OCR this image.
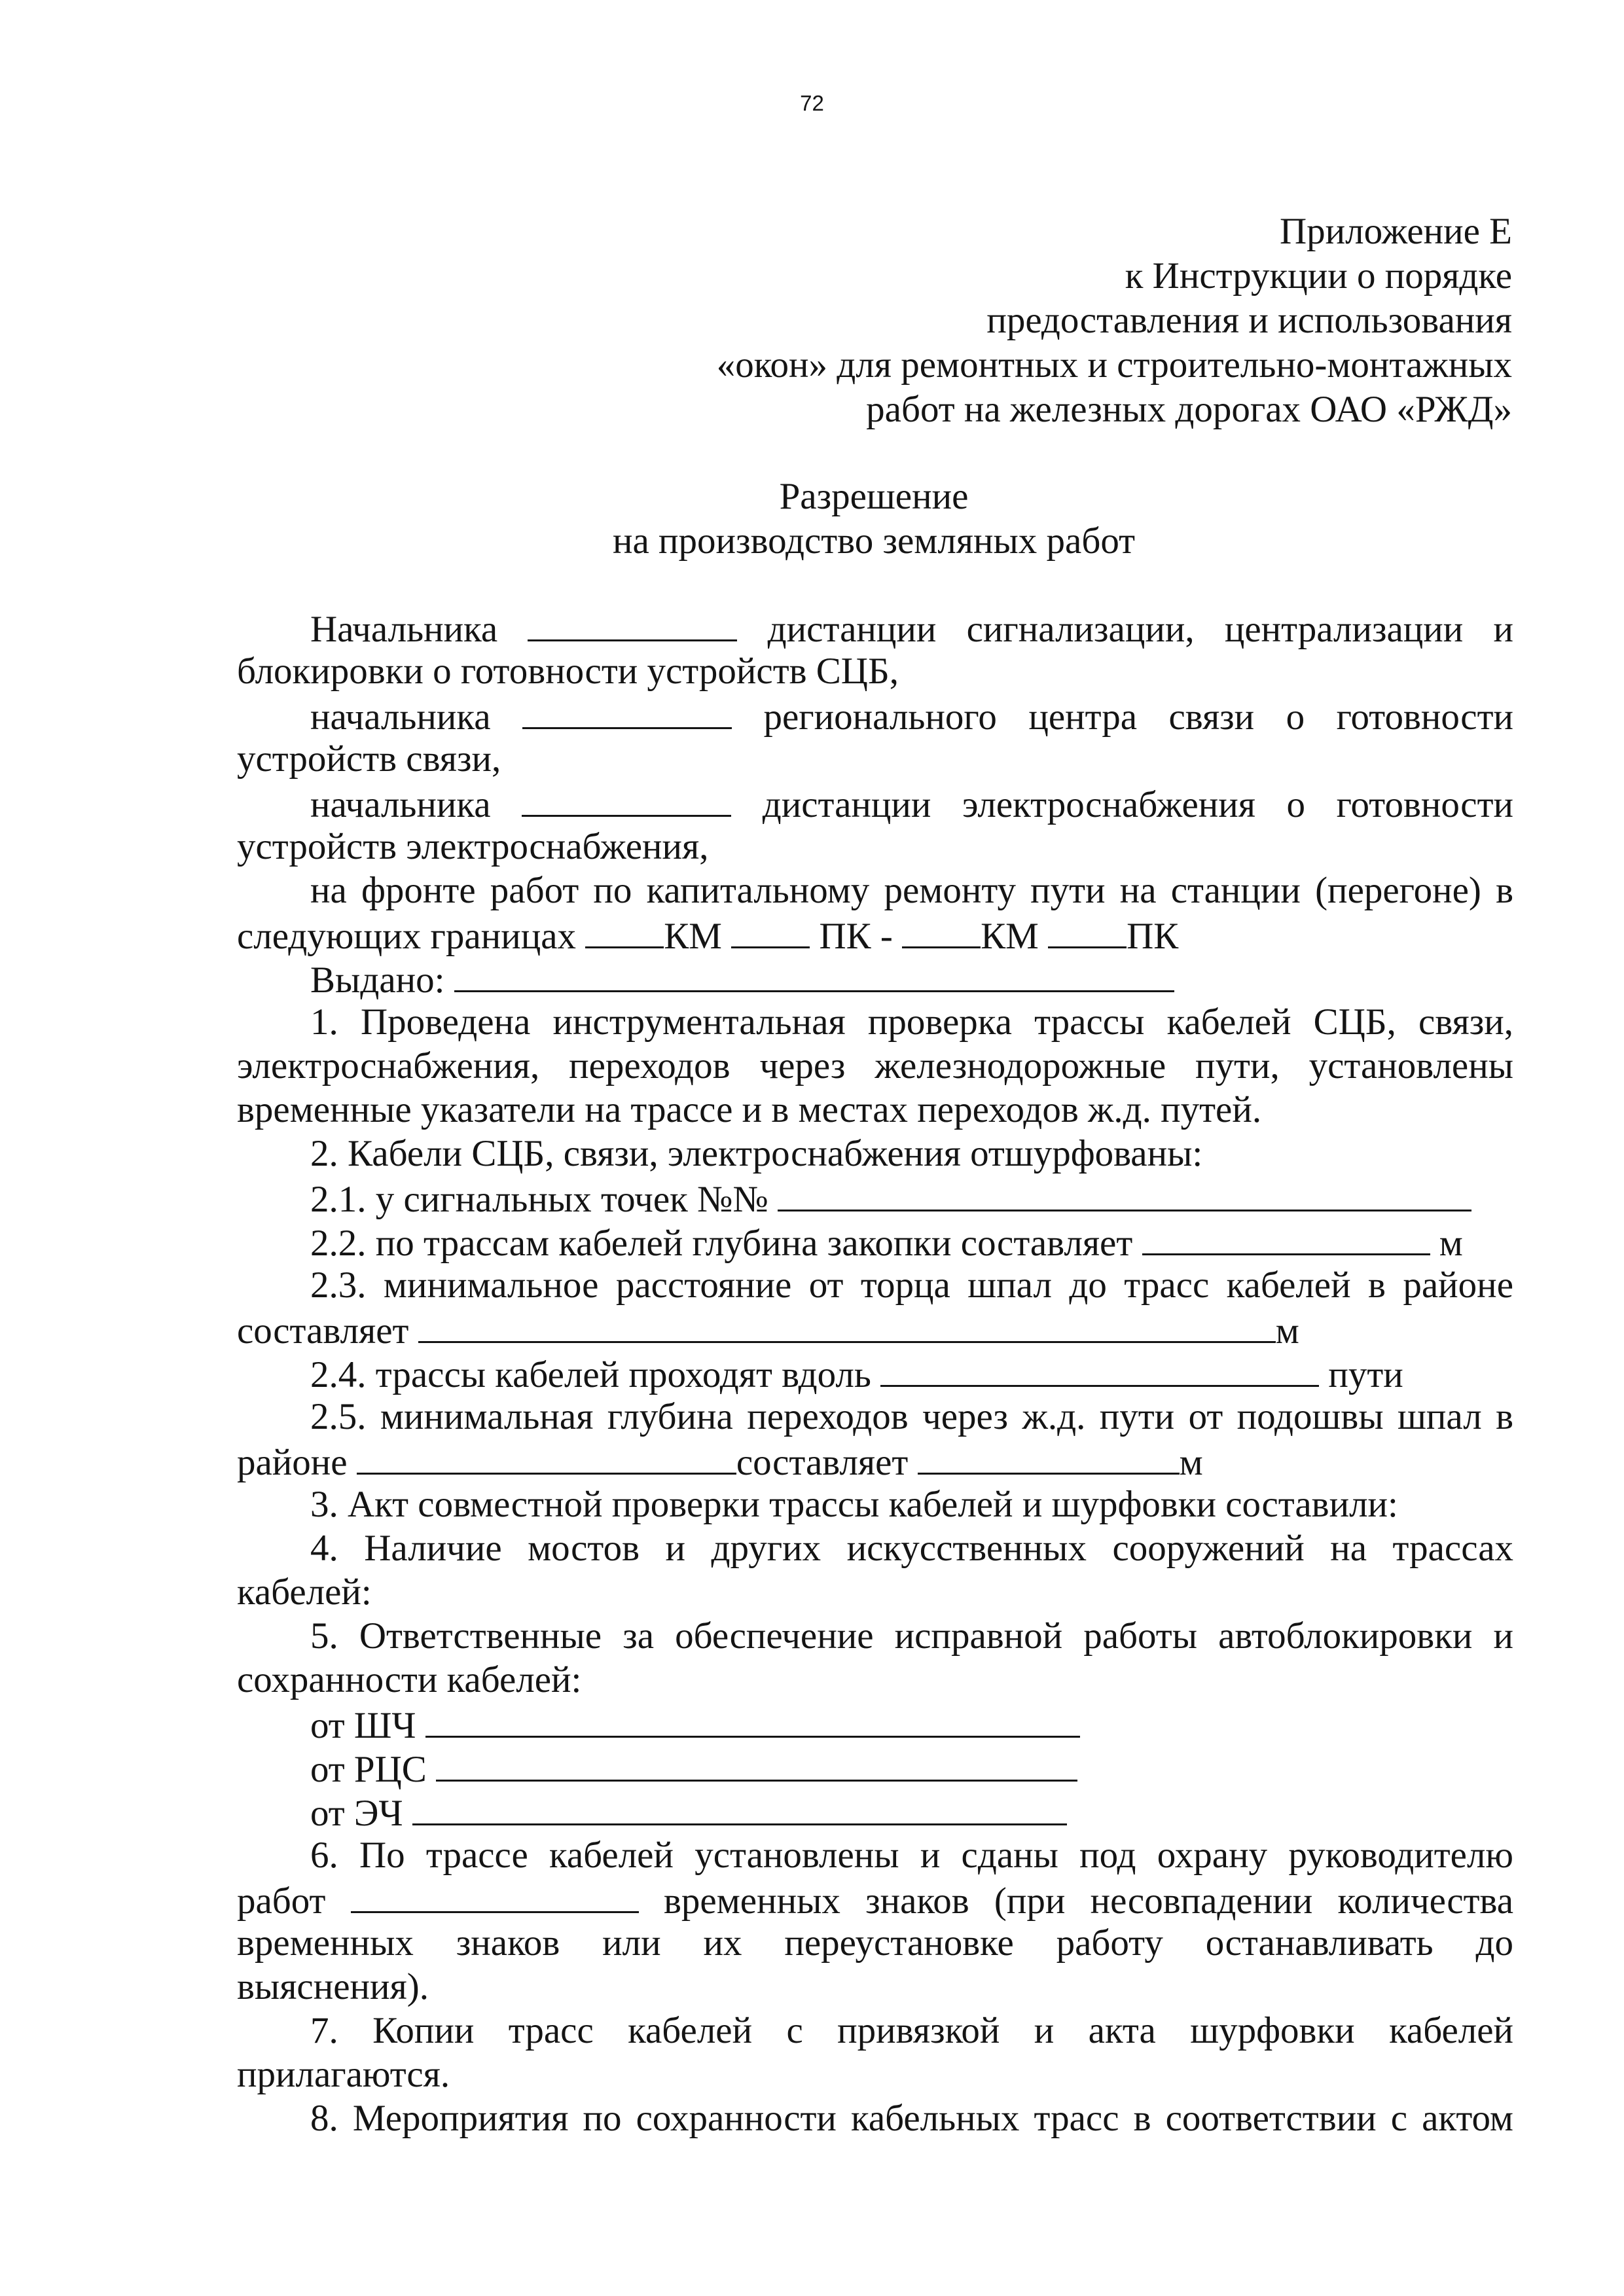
72
Приложение Е
к Инструкции о порядке
предоставления и использования
«окон» для ремонтных и строительно-монтажных
работ на железных дорогах ОАО «РЖД»
Разрешение
на производство земляных работ
Начальника	дистанции сигнализации, централизации и
блокировки о готовности устройств СЦБ,
начальника	регионального центра связи о готовности
устройств связи,
начальника	дистанции электроснабжения о готовности
устройств электроснабжения,
на фронте работ по капитальному ремонту пути на станции (перегоне) в
следующих границах КМ	ПК - КМ ПК
Выдано:
1. Проведена инструментальная проверка трассы кабелей СЦБ, связи,
электроснабжения, переходов через железнодорожные пути, установлены
временные указатели на трассе и в местах переходов ж.д. путей.
2. Кабели СЦБ, связи, электроснабжения отшурфованы:
2.1. у сигнальных точек №№
2.2. по трассам кабелей глубина закопки составляет	м
2.3. минимальное расстояние от торца шпал до трасс кабелей в районе
составляет	м
2.4. трассы кабелей проходят вдоль	пути
2.5. минимальная глубина переходов через ж.д. пути от подошвы шпал в
районе	составляет	м
3. Акт совместной проверки трассы кабелей и шурфовки составили:
4. Наличие мостов и других искусственных сооружений на трассах
кабелей:
5. Ответственные за обеспечение исправной работы автоблокировки и
сохранности кабелей:
от ШЧ
от РЦС
от ЭЧ
6. По трассе кабелей установлены и сданы под охрану руководителю
работ	временных знаков (при несовпадении количества
временных знаков или их переустановке работу останавливать до
выяснения).
7. Копии трасс кабелей с привязкой и акта шурфовки кабелей
прилагаются.
8. Мероприятия по сохранности кабельных трасс в соответствии с актом
